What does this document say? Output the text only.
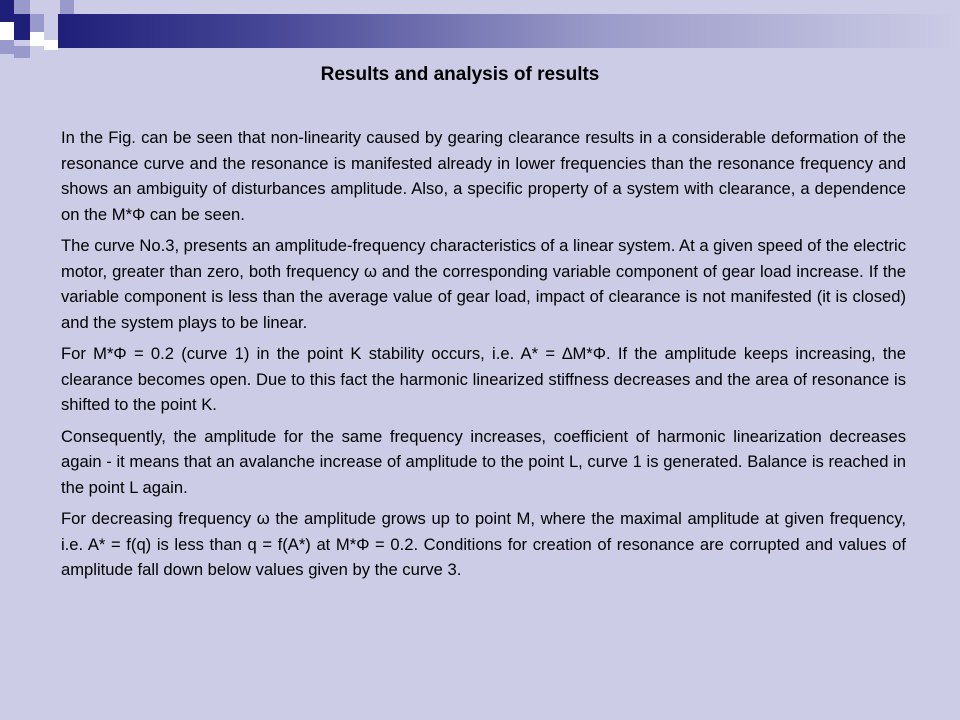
Results and analysis of results

In the Fig. can be seen that non-linearity caused by gearing clearance results in a considerable deformation of the resonance curve and the resonance is manifested already in lower frequencies than the resonance frequency and shows an ambiguity of disturbances amplitude. Also, a specific property of a system with clearance, a dependence on the M*Φ can be seen.

The curve No.3, presents an amplitude-frequency characteristics of a linear system. At a given speed of the electric motor, greater than zero, both frequency ω and the corresponding variable component of gear load increase. If the variable component is less than the average value of gear load, impact of clearance is not manifested (it is closed) and the system plays to be linear.

For M*Φ = 0.2 (curve 1) in the point K stability occurs, i.e. A* = ∆M*Φ. If the amplitude keeps increasing, the clearance becomes open. Due to this fact the harmonic linearized stiffness decreases and the area of resonance is shifted to the point K.

Consequently, the amplitude for the same frequency increases, coefficient of harmonic linearization decreases again - it means that an avalanche increase of amplitude to the point L, curve 1 is generated. Balance is reached in the point L again.

For decreasing frequency ω the amplitude grows up to point M, where the maximal amplitude at given frequency, i.e. A* = f(q) is less than q = f(A*) at M*Φ = 0.2. Conditions for creation of resonance are corrupted and values of amplitude fall down below values given by the curve 3.
